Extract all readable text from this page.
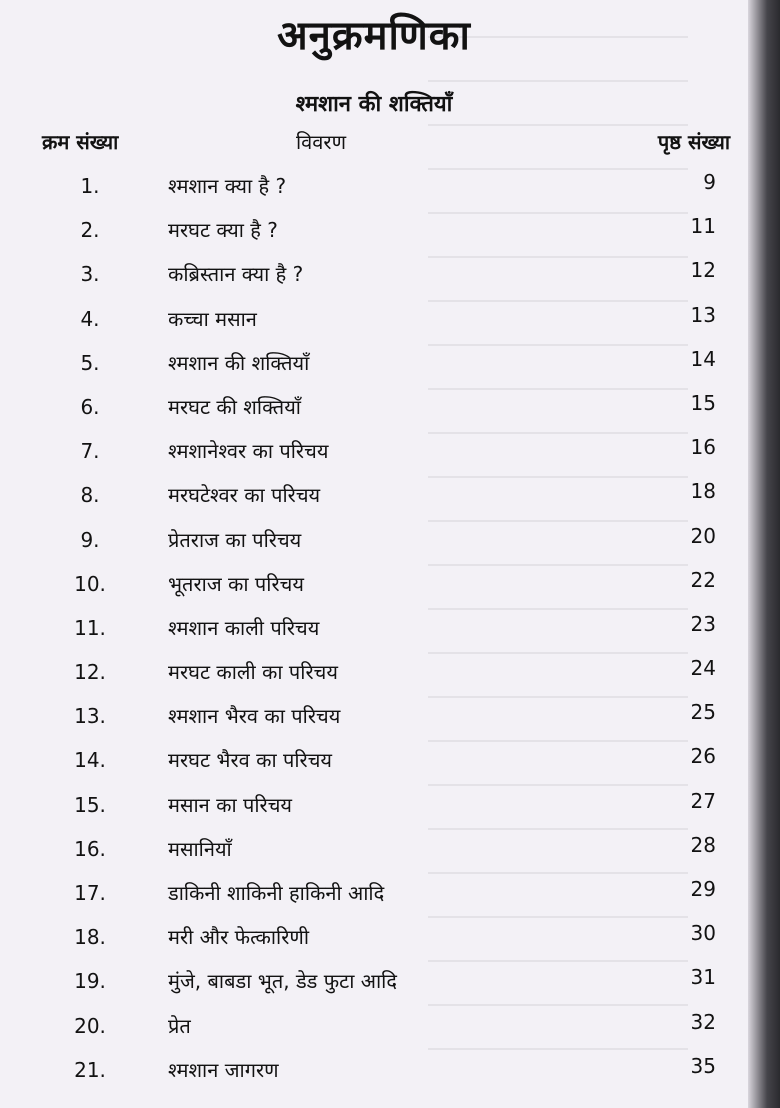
अनुक्रमणिका
श्मशान की शक्तियाँ
क्रम संख्या	विवरण	पृष्ठ संख्या
1.	श्मशान क्या है ?	9
2.	मरघट क्या है ?	11
3.	कब्रिस्तान क्या है ?	12
4.	कच्चा मसान	13
5.	श्मशान की शक्तियाँ	14
6.	मरघट की शक्तियाँ	15
7.	श्मशानेश्वर का परिचय	16
8.	मरघटेश्वर का परिचय	18
9.	प्रेतराज का परिचय	20
10.	भूतराज का परिचय	22
11.	श्मशान काली परिचय	23
12.	मरघट काली का परिचय	24
13.	श्मशान भैरव का परिचय	25
14.	मरघट भैरव का परिचय	26
15.	मसान का परिचय	27
16.	मसानियाँ	28
17.	डाकिनी शाकिनी हाकिनी आदि	29
18.	मरी और फेत्कारिणी	30
19.	मुंजे, बाबडा भूत, डेड फुटा आदि	31
20.	प्रेत	32
21.	श्मशान जागरण	35
